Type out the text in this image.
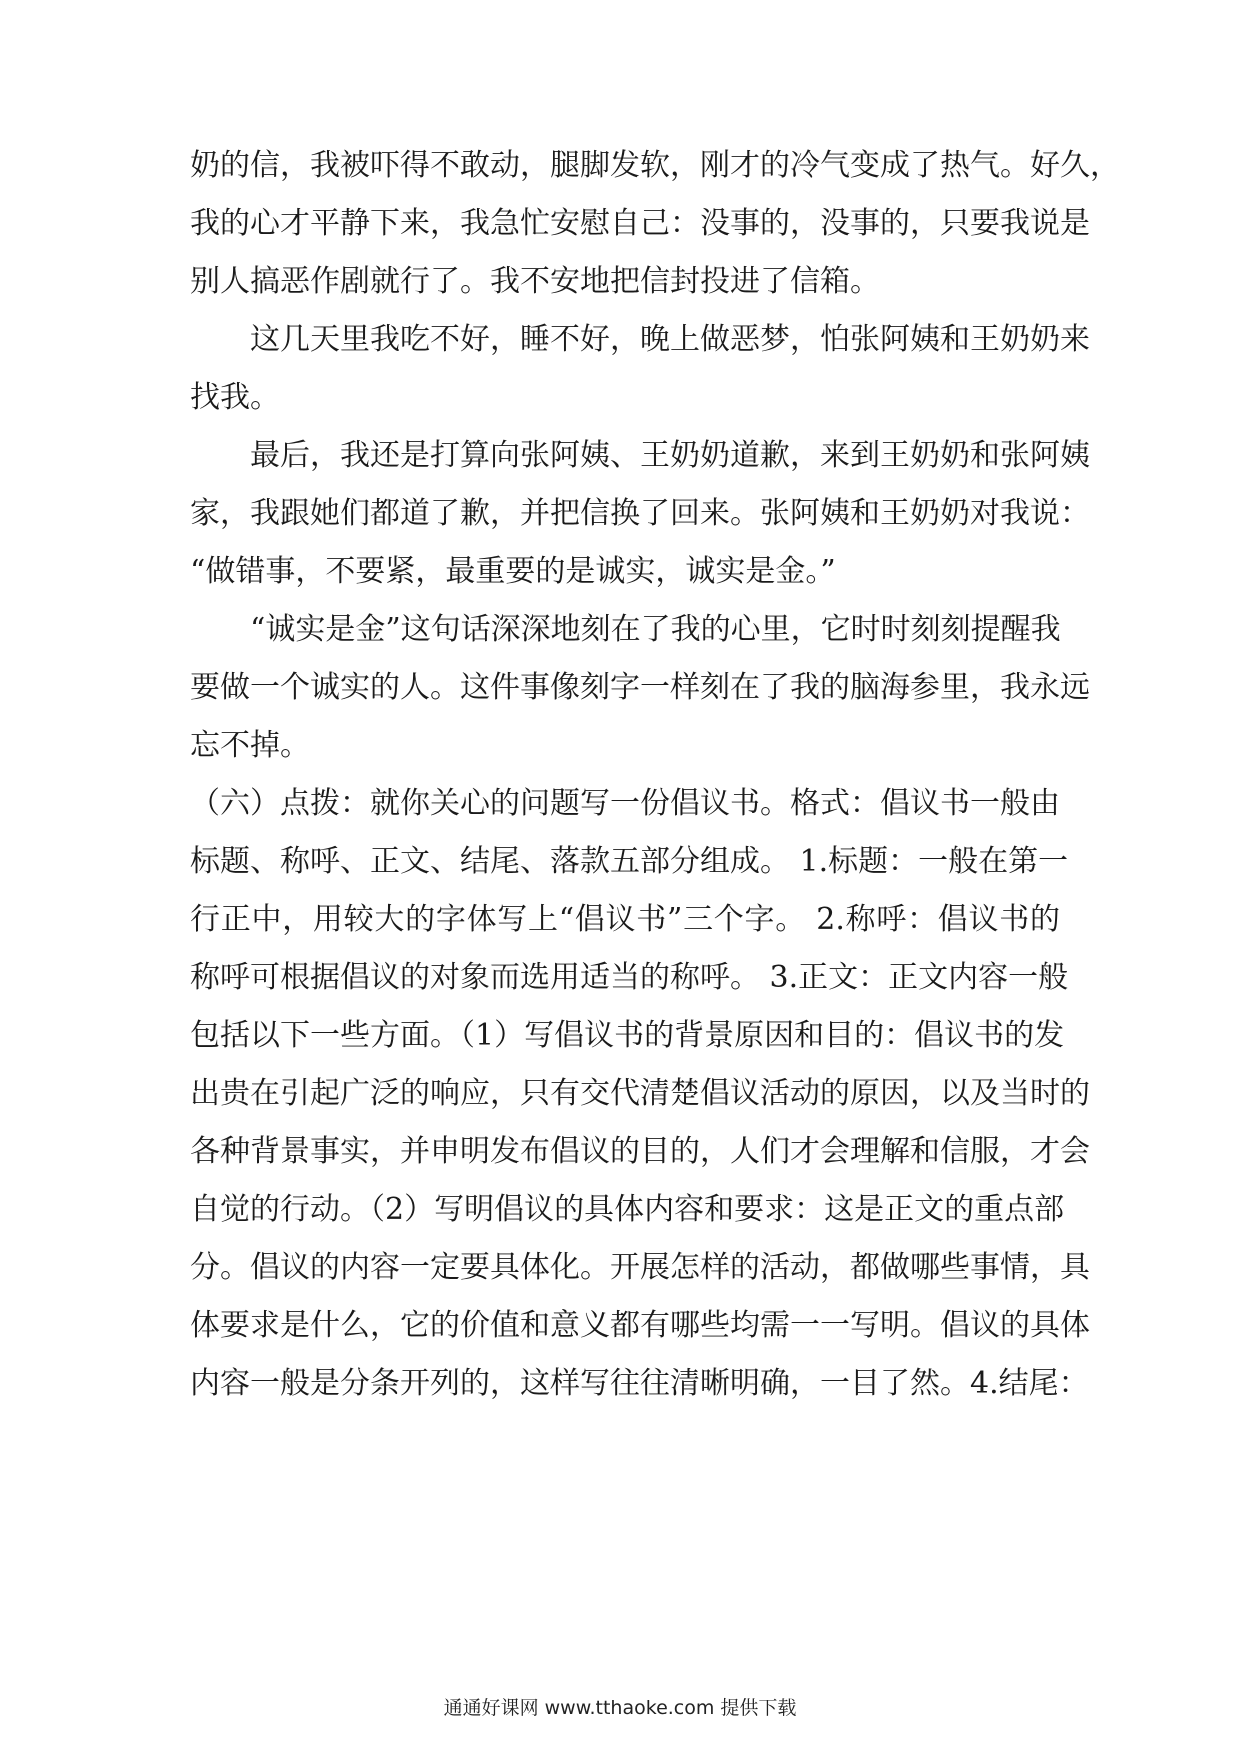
奶的信，我被吓得不敢动，腿脚发软，刚才的冷气变成了热气。好久，
我的心才平静下来，我急忙安慰自己：没事的，没事的，只要我说是
别人搞恶作剧就行了。我不安地把信封投进了信箱。
　　这几天里我吃不好，睡不好，晚上做恶梦，怕张阿姨和王奶奶来
找我。
　　最后，我还是打算向张阿姨、王奶奶道歉，来到王奶奶和张阿姨
家，我跟她们都道了歉，并把信换了回来。张阿姨和王奶奶对我说：
“做错事，不要紧，最重要的是诚实，诚实是金。”
　　“诚实是金”这句话深深地刻在了我的心里，它时时刻刻提醒我
要做一个诚实的人。这件事像刻字一样刻在了我的脑海参里，我永远
忘不掉。
（六）点拨：就你关心的问题写一份倡议书。格式：倡议书一般由
标题、称呼、正文、结尾、落款五部分组成。 1.标题：一般在第一
行正中，用较大的字体写上“倡议书”三个字。 2.称呼：倡议书的
称呼可根据倡议的对象而选用适当的称呼。 3.正文：正文内容一般
包括以下一些方面。（1）写倡议书的背景原因和目的：倡议书的发
出贵在引起广泛的响应，只有交代清楚倡议活动的原因，以及当时的
各种背景事实，并申明发布倡议的目的，人们才会理解和信服，才会
自觉的行动。（2）写明倡议的具体内容和要求：这是正文的重点部
分。倡议的内容一定要具体化。开展怎样的活动，都做哪些事情，具
体要求是什么，它的价值和意义都有哪些均需一一写明。倡议的具体
内容一般是分条开列的，这样写往往清晰明确，一目了然。4.结尾：
通通好课网 www.tthaoke.com 提供下载
